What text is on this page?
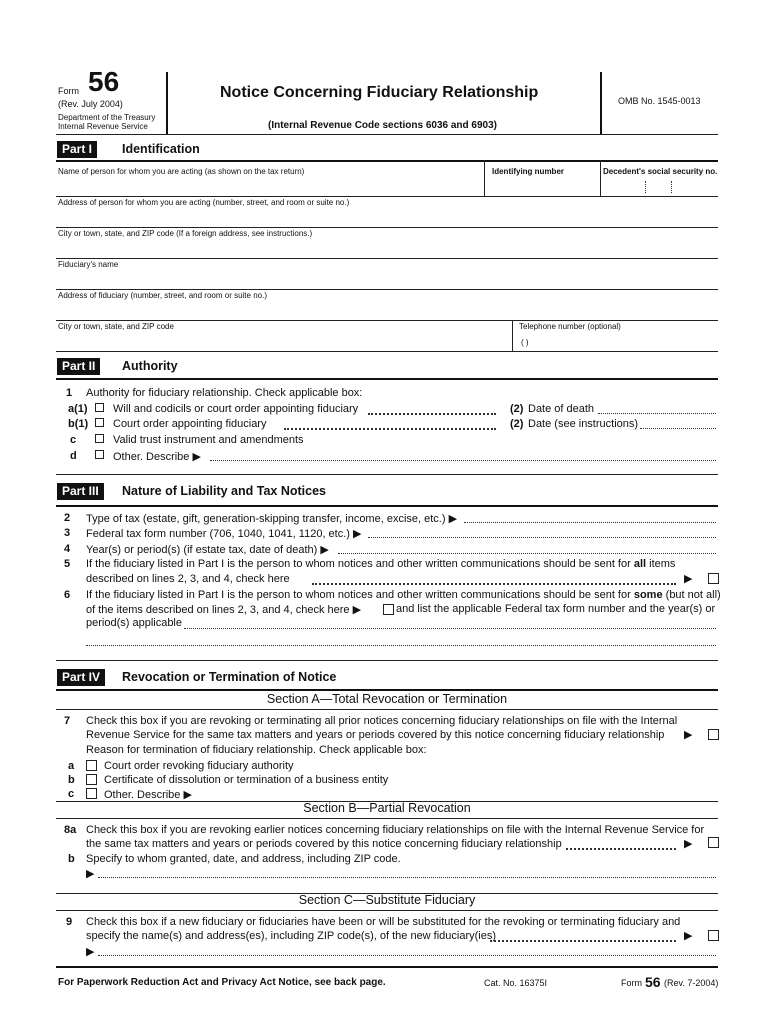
Form 56
(Rev. July 2004)
Department of the Treasury
Internal Revenue Service
Notice Concerning Fiduciary Relationship
(Internal Revenue Code sections 6036 and 6903)
OMB No. 1545-0013
Part I	Identification
Name of person for whom you are acting (as shown on the tax return)	Identifying number	Decedent's social security no.
Address of person for whom you are acting (number, street, and room or suite no.)
City or town, state, and ZIP code (If a foreign address, see instructions.)
Fiduciary's name
Address of fiduciary (number, street, and room or suite no.)
City or town, state, and ZIP code	Telephone number (optional)
( )
Part II	Authority
1 Authority for fiduciary relationship. Check applicable box:
a(1) Will and codicils or court order appointing fiduciary	(2) Date of death
b(1) Court order appointing fiduciary	(2) Date (see instructions)
c	Valid trust instrument and amendments
d	Other. Describe ▶
Part III	Nature of Liability and Tax Notices
2 Type of tax (estate, gift, generation-skipping transfer, income, excise, etc.) ▶
3 Federal tax form number (706, 1040, 1041, 1120, etc.) ▶
4 Year(s) or period(s) (if estate tax, date of death) ▶
5 If the fiduciary listed in Part I is the person to whom notices and other written communications should be sent for all items
described on lines 2, 3, and 4, check here	▶
6 If the fiduciary listed in Part I is the person to whom notices and other written communications should be sent for some (but not all)
of the items described on lines 2, 3, and 4, check here ▶	and list the applicable Federal tax form number and the year(s) or
period(s) applicable
Part IV	Revocation or Termination of Notice
Section A—Total Revocation or Termination
7 Check this box if you are revoking or terminating all prior notices concerning fiduciary relationships on file with the Internal
Revenue Service for the same tax matters and years or periods covered by this notice concerning fiduciary relationship ▶
Reason for termination of fiduciary relationship. Check applicable box:
a	Court order revoking fiduciary authority
b	Certificate of dissolution or termination of a business entity
c	Other. Describe ▶
Section B—Partial Revocation
8a Check this box if you are revoking earlier notices concerning fiduciary relationships on file with the Internal Revenue Service for
the same tax matters and years or periods covered by this notice concerning fiduciary relationship	▶
b Specify to whom granted, date, and address, including ZIP code.
▶
Section C—Substitute Fiduciary
9 Check this box if a new fiduciary or fiduciaries have been or will be substituted for the revoking or terminating fiduciary and
specify the name(s) and address(es), including ZIP code(s), of the new fiduciary(ies)	▶
▶
For Paperwork Reduction Act and Privacy Act Notice, see back page.	Cat. No. 16375I	Form 56 (Rev. 7-2004)
